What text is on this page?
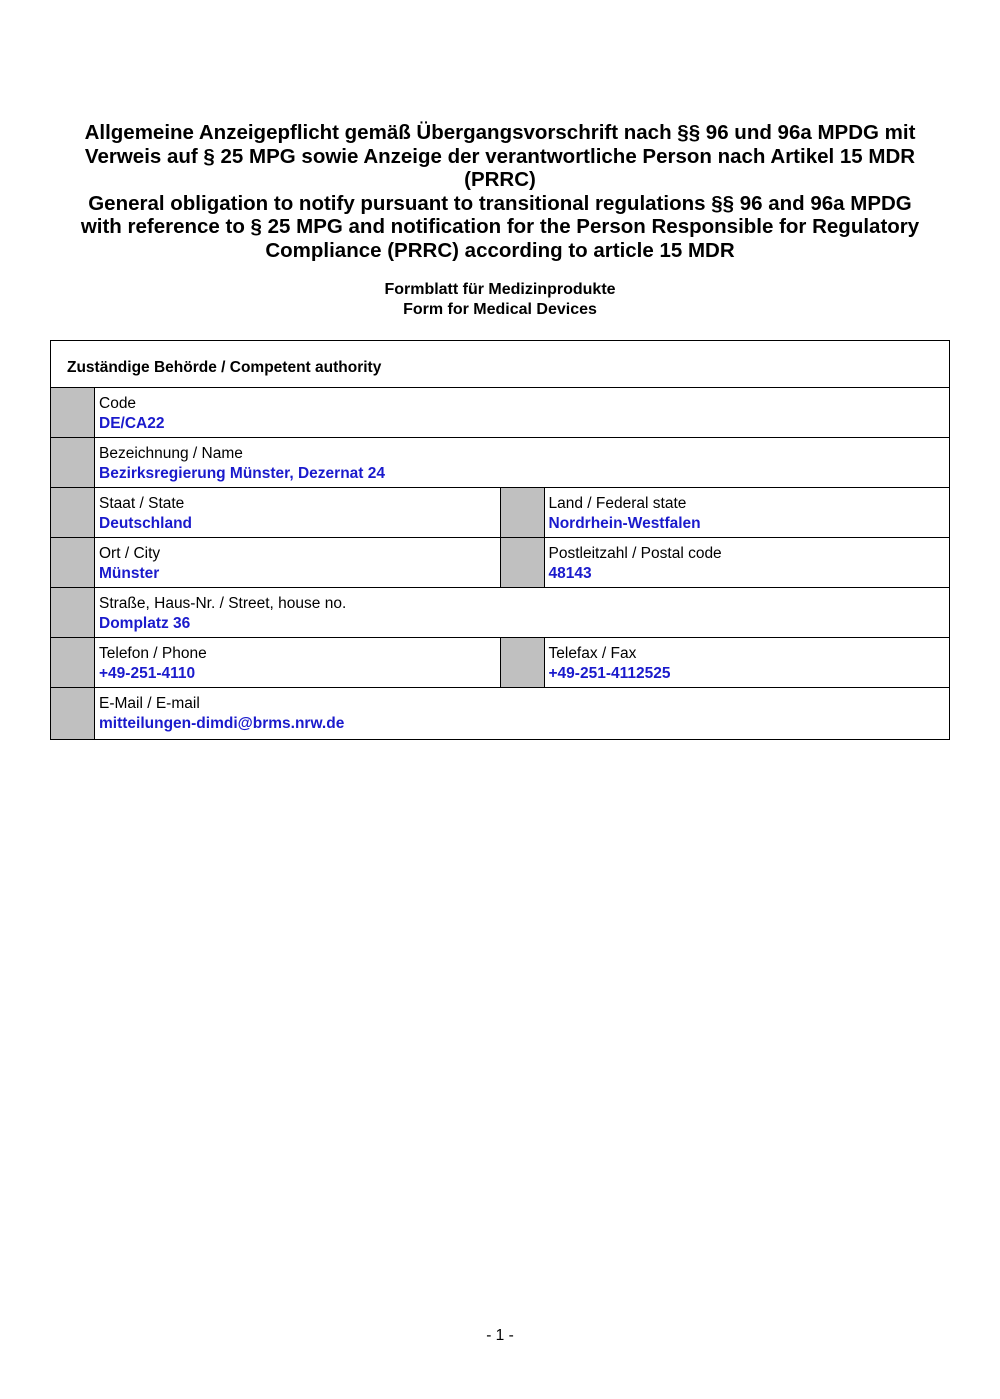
Allgemeine Anzeigepflicht gemäß Übergangsvorschrift nach §§ 96 und 96a MPDG mit
Verweis auf § 25 MPG sowie Anzeige der verantwortliche Person nach Artikel 15 MDR
(PRRC)
General obligation to notify pursuant to transitional regulations §§ 96 and 96a MPDG
with reference to § 25 MPG and notification for the Person Responsible for Regulatory
Compliance (PRRC) according to article 15 MDR
Formblatt für Medizinprodukte
Form for Medical Devices
Zuständige Behörde / Competent authority
Code
DE/CA22
Bezeichnung / Name
Bezirksregierung Münster, Dezernat 24
Staat / State
Deutschland
Land / Federal state
Nordrhein-Westfalen
Ort / City
Münster
Postleitzahl / Postal code
48143
Straße, Haus-Nr. / Street, house no.
Domplatz 36
Telefon / Phone
+49-251-4110
Telefax / Fax
+49-251-4112525
E-Mail / E-mail
mitteilungen-dimdi@brms.nrw.de
- 1 -
